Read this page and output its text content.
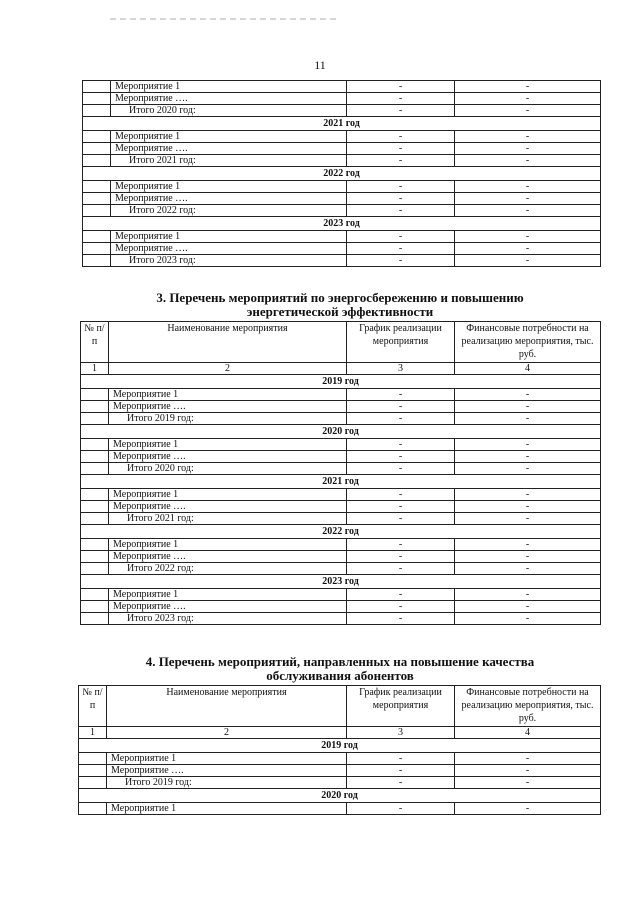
11
	Мероприятие 1	-	-
	Мероприятие ….	-	-
	Итого 2020 год:	-	-
2021 год			
	Мероприятие 1	-	-
	Мероприятие ….	-	-
	Итого 2021 год:	-	-
2022 год			
	Мероприятие 1	-	-
	Мероприятие ….	-	-
	Итого 2022 год:	-	-
2023 год			
	Мероприятие 1	-	-
	Мероприятие ….	-	-
	Итого 2023 год:	-	-
3. Перечень мероприятий по энергосбережению и повышению
энергетической эффективности
№ п/п	Наименование мероприятия	График реализации мероприятия	Финансовые потребности на реализацию мероприятия, тыс. руб.
1	2	3	4
2019 год			
	Мероприятие 1	-	-
	Мероприятие ….	-	-
	Итого 2019 год:	-	-
2020 год			
	Мероприятие 1	-	-
	Мероприятие ….	-	-
	Итого 2020 год:	-	-
2021 год			
	Мероприятие 1	-	-
	Мероприятие ….	-	-
	Итого 2021 год:	-	-
2022 год			
	Мероприятие 1	-	-
	Мероприятие ….	-	-
	Итого 2022 год:	-	-
2023 год			
	Мероприятие 1	-	-
	Мероприятие ….	-	-
	Итого 2023 год:	-	-
4. Перечень мероприятий, направленных на повышение качества
обслуживания абонентов
№ п/п	Наименование мероприятия	График реализации мероприятия	Финансовые потребности на реализацию мероприятия, тыс. руб.
1	2	3	4
2019 год			
	Мероприятие 1	-	-
	Мероприятие ….	-	-
	Итого 2019 год:	-	-
2020 год			
	Мероприятие 1	-	-
